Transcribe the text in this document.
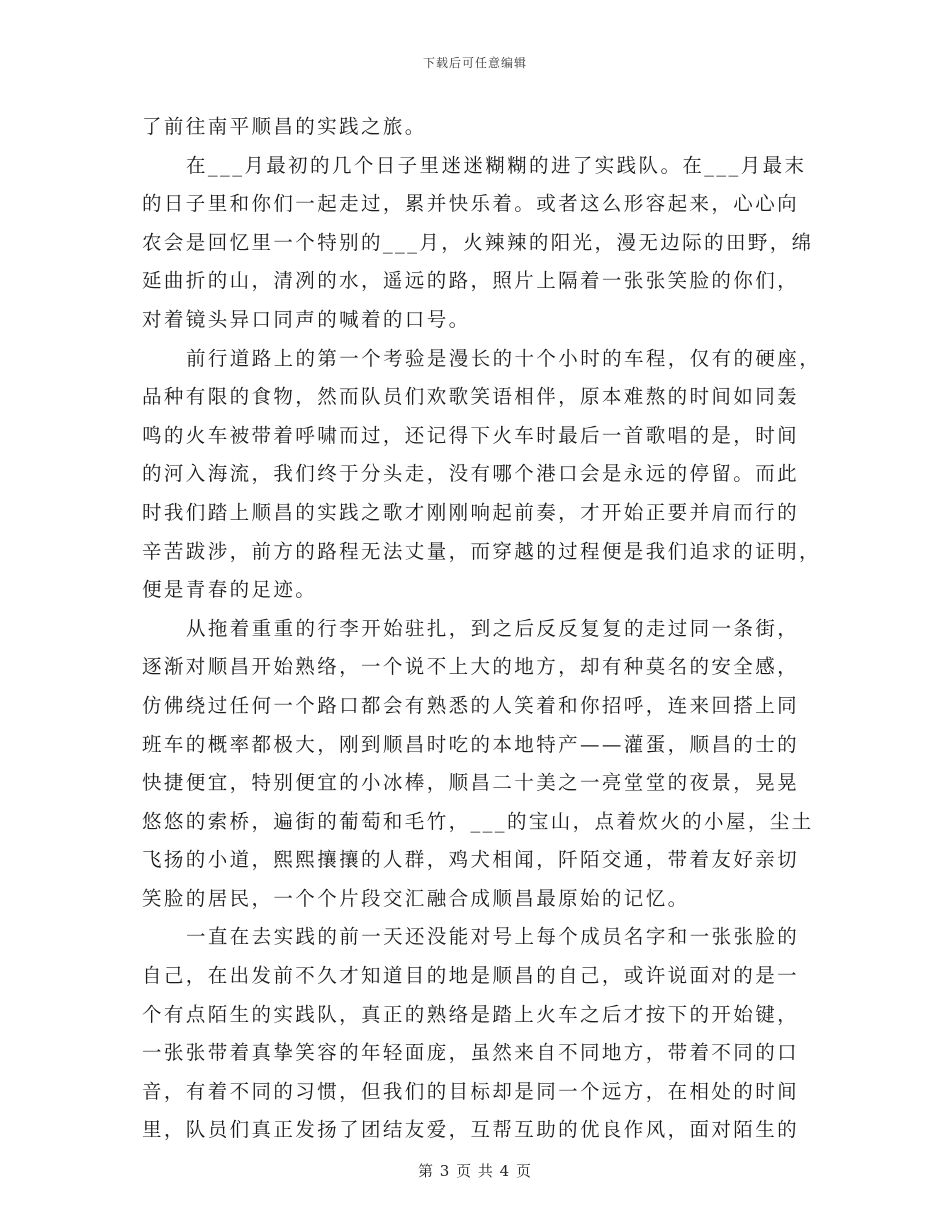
下载后可任意编辑
了前往南平顺昌的实践之旅。
在___月最初的几个日子里迷迷糊糊的进了实践队。在___月最末
的日子里和你们一起走过，累并快乐着。或者这么形容起来，心心向
农会是回忆里一个特别的___月，火辣辣的阳光，漫无边际的田野，绵
延曲折的山，清冽的水，遥远的路，照片上隔着一张张笑脸的你们，
对着镜头异口同声的喊着的口号。
前行道路上的第一个考验是漫长的十个小时的车程，仅有的硬座，
品种有限的食物，然而队员们欢歌笑语相伴，原本难熬的时间如同轰
鸣的火车被带着呼啸而过，还记得下火车时最后一首歌唱的是，时间
的河入海流，我们终于分头走，没有哪个港口会是永远的停留。而此
时我们踏上顺昌的实践之歌才刚刚响起前奏，才开始正要并肩而行的
辛苦跋涉，前方的路程无法丈量，而穿越的过程便是我们追求的证明，
便是青春的足迹。
从拖着重重的行李开始驻扎，到之后反反复复的走过同一条街，
逐渐对顺昌开始熟络，一个说不上大的地方，却有种莫名的安全感，
仿佛绕过任何一个路口都会有熟悉的人笑着和你招呼，连来回搭上同
班车的概率都极大，刚到顺昌时吃的本地特产——灌蛋，顺昌的士的
快捷便宜，特别便宜的小冰棒，顺昌二十美之一亮堂堂的夜景，晃晃
悠悠的索桥，遍街的葡萄和毛竹，___的宝山，点着炊火的小屋，尘土
飞扬的小道，熙熙攘攘的人群，鸡犬相闻，阡陌交通，带着友好亲切
笑脸的居民，一个个片段交汇融合成顺昌最原始的记忆。
一直在去实践的前一天还没能对号上每个成员名字和一张张脸的
自己，在出发前不久才知道目的地是顺昌的自己，或许说面对的是一
个有点陌生的实践队，真正的熟络是踏上火车之后才按下的开始键，
一张张带着真挚笑容的年轻面庞，虽然来自不同地方，带着不同的口
音，有着不同的习惯，但我们的目标却是同一个远方，在相处的时间
里，队员们真正发扬了团结友爱，互帮互助的优良作风，面对陌生的
第 3 页 共 4 页
